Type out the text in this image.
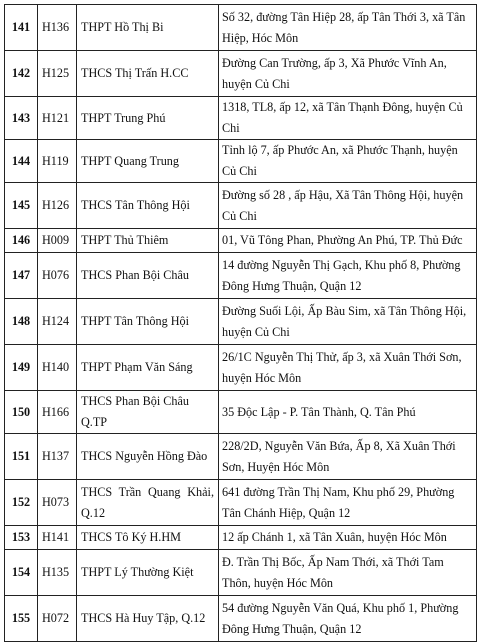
141	H136	THPT Hồ Thị Bi	Số 32, đường Tân Hiệp 28, ấp Tân Thới 3, xã Tân Hiệp, Hóc Môn
142	H125	THCS Thị Trấn H.CC	Đường Can Trường, ấp 3, Xã Phước Vĩnh An, huyện Củ Chi
143	H121	THPT Trung Phú	1318, TL8, ấp 12, xã Tân Thạnh Đông, huyện Củ Chi
144	H119	THPT Quang Trung	Tỉnh lộ 7, ấp Phước An, xã Phước Thạnh, huyện Củ Chi
145	H126	THCS Tân Thông Hội	Đường số 28 , ấp Hậu, Xã Tân Thông Hội, huyện Củ Chi
146	H009	THPT Thủ Thiêm	01, Vũ Tông Phan, Phường An Phú, TP. Thủ Đức
147	H076	THCS Phan Bội Châu	14 đường Nguyễn Thị Gạch, Khu phố 8, Phường Đông Hưng Thuận, Quận 12
148	H124	THPT Tân Thông Hội	Đường Suối Lội, Ấp Bàu Sim, xã Tân Thông Hội, huyện Củ Chi
149	H140	THPT Phạm Văn Sáng	26/1C Nguyễn Thị Thử, ấp 3, xã Xuân Thới Sơn, huyện Hóc Môn
150	H166	THCS Phan Bội Châu Q.TP	35 Độc Lập - P. Tân Thành, Q. Tân Phú
151	H137	THCS Nguyễn Hồng Đào	228/2D, Nguyễn Văn Bứa, Ấp 8, Xã Xuân Thới Sơn, Huyện Hóc Môn
152	H073	THCS Trần Quang Khải, Q.12	641 đường Trần Thị Nam, Khu phố 29, Phường Tân Chánh Hiệp, Quận 12
153	H141	THCS Tô Ký H.HM	12 ấp Chánh 1, xã Tân Xuân, huyện Hóc Môn
154	H135	THPT Lý Thường Kiệt	Đ. Trần Thị Bốc, Ấp Nam Thới, xã Thới Tam Thôn, huyện Hóc Môn
155	H072	THCS Hà Huy Tập, Q.12	54 đường Nguyễn Văn Quá, Khu phố 1, Phường Đông Hưng Thuận, Quận 12
